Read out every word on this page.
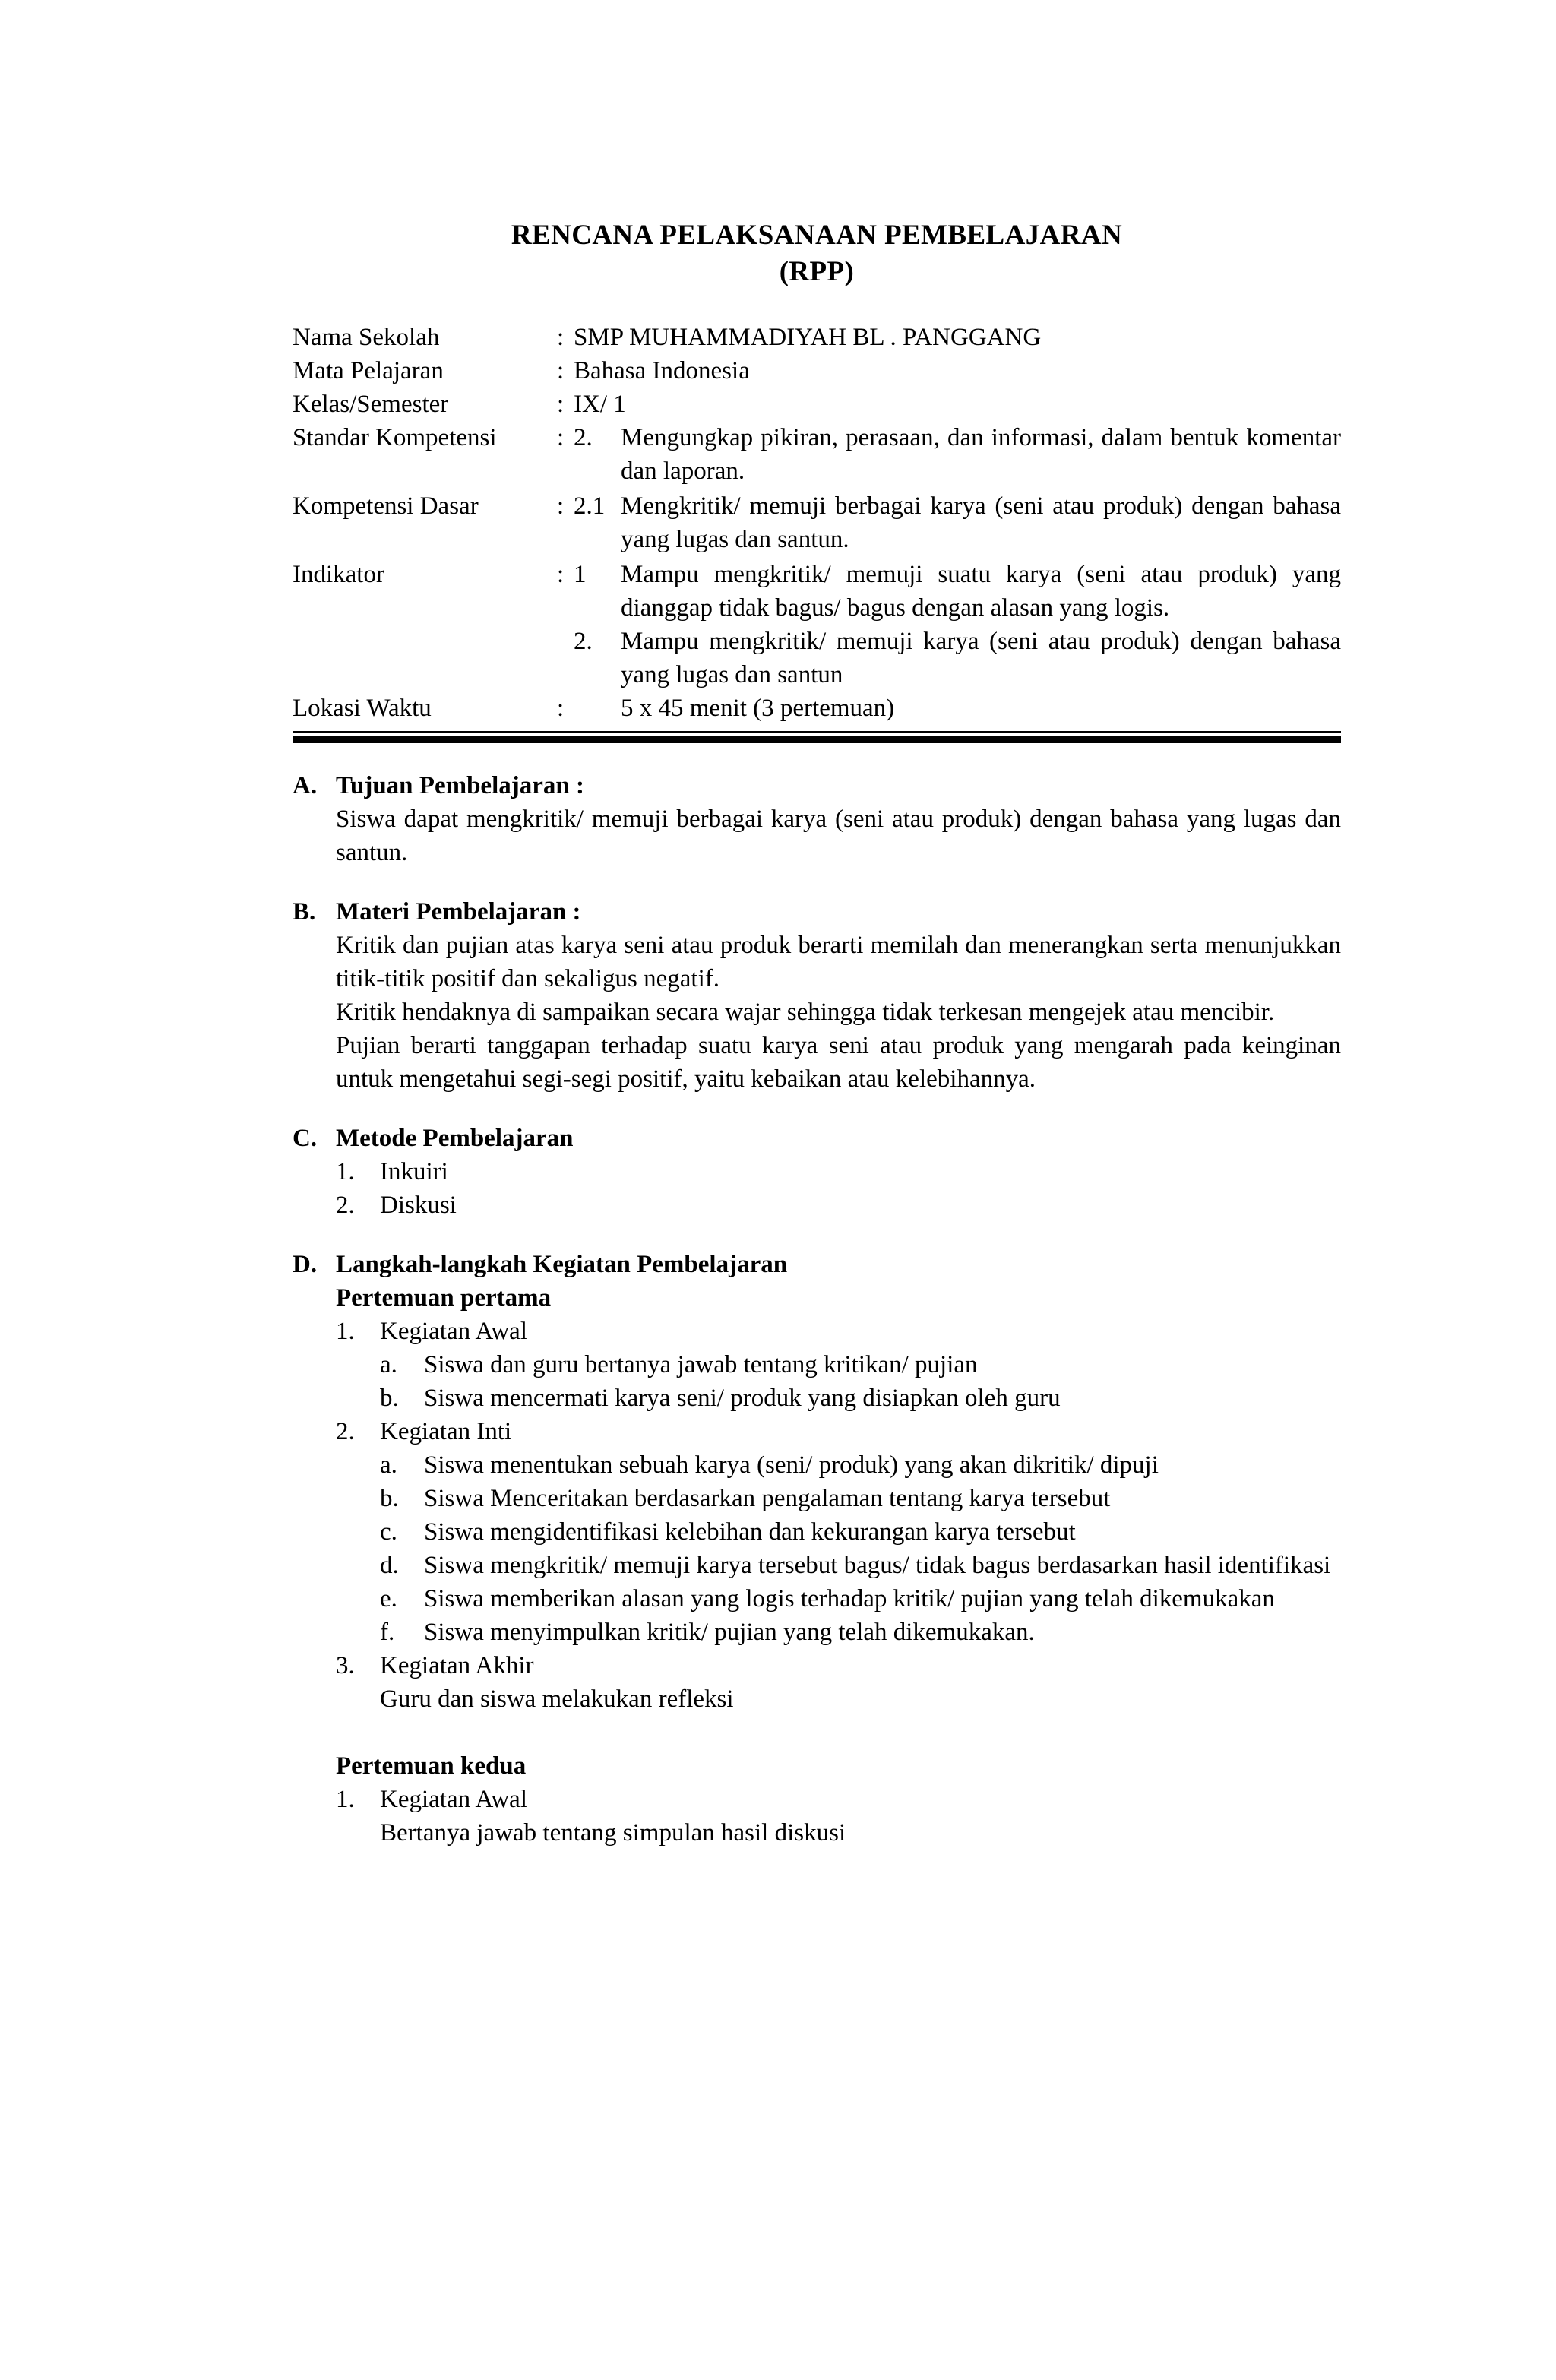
RENCANA PELAKSANAAN PEMBELAJARAN
(RPP)
Nama Sekolah	:	SMP MUHAMMADIYAH BL . PANGGANG	
Mata Pelajaran	:	Bahasa Indonesia	
Kelas/Semester	:	IX/ 1	
Standar Kompetensi	:	2.	Mengungkap pikiran, perasaan, dan informasi, dalam bentuk komentar dan laporan.
Kompetensi Dasar	:	2.1	Mengkritik/ memuji berbagai karya (seni atau produk) dengan bahasa yang lugas dan santun.
Indikator	:	1	Mampu mengkritik/ memuji suatu karya (seni atau produk) yang dianggap tidak bagus/ bagus dengan alasan yang logis.
		2.	Mampu mengkritik/ memuji karya (seni atau produk) dengan bahasa yang lugas dan santun
Lokasi Waktu	:		5 x 45 menit (3 pertemuan)
A. Tujuan Pembelajaran :
Siswa dapat mengkritik/ memuji berbagai karya (seni atau produk) dengan bahasa yang lugas dan santun.
B. Materi Pembelajaran :
Kritik dan pujian atas karya seni atau produk berarti memilah dan menerangkan serta menunjukkan titik-titik positif dan sekaligus negatif.
Kritik hendaknya di sampaikan secara wajar sehingga tidak terkesan mengejek atau mencibir.
Pujian berarti tanggapan terhadap suatu karya seni atau produk yang mengarah pada keinginan untuk mengetahui segi-segi positif, yaitu kebaikan atau kelebihannya.
C. Metode Pembelajaran
1.	Inkuiri
2.	Diskusi
D. Langkah-langkah Kegiatan Pembelajaran
Pertemuan pertama
1.	Kegiatan Awal
a.	Siswa dan guru bertanya jawab tentang kritikan/ pujian
b.	Siswa mencermati karya seni/ produk yang disiapkan oleh guru
2.	Kegiatan Inti
a.	Siswa menentukan sebuah karya (seni/ produk) yang akan dikritik/ dipuji
b.	Siswa Menceritakan berdasarkan pengalaman tentang karya tersebut
c.	Siswa mengidentifikasi kelebihan dan kekurangan karya tersebut
d.	Siswa mengkritik/ memuji karya tersebut bagus/ tidak bagus berdasarkan hasil identifikasi
e.	Siswa memberikan alasan yang logis terhadap kritik/ pujian yang telah dikemukakan
f.	Siswa menyimpulkan kritik/ pujian yang telah dikemukakan.
3.	Kegiatan Akhir
Guru dan siswa melakukan refleksi
Pertemuan kedua
1.	Kegiatan Awal
Bertanya jawab tentang simpulan hasil diskusi
